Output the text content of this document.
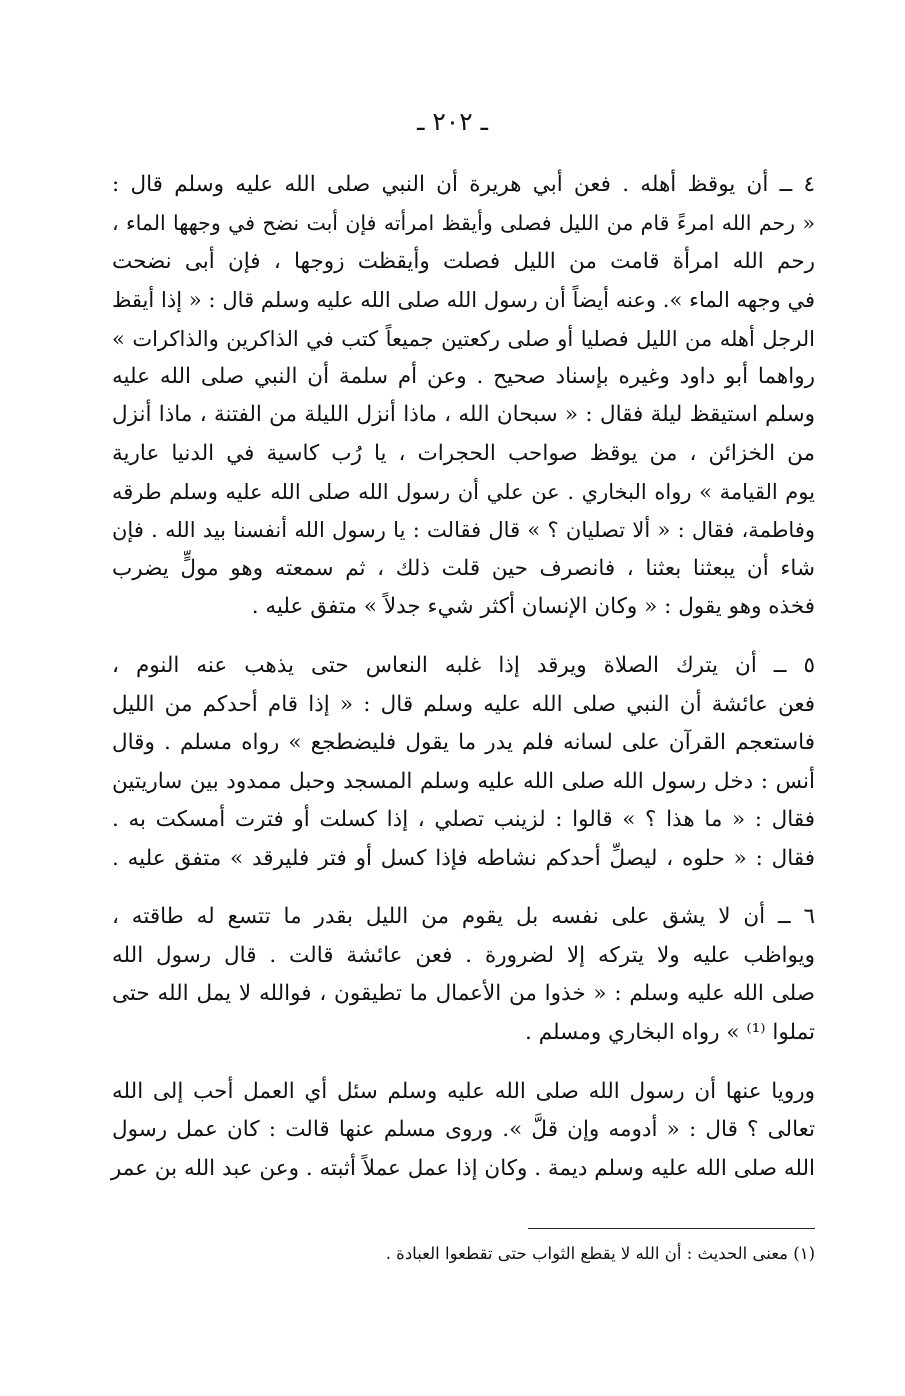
ـ ٢٠٢ ـ
٤ ــ أن يوقظ أهله . فعن أبي هريرة أن النبي صلى الله عليه وسلم قال :
« رحم الله امرءً قام من الليل فصلى وأيقظ امرأته فإن أبت نضح في وجهها الماء ،
رحم الله امرأة قامت من الليل فصلت وأيقظت زوجها ، فإن أبى نضحت
في وجهه الماء ». وعنه أيضاً أن رسول الله صلى الله عليه وسلم قال : « إذا أيقظ
الرجل أهله من الليل فصليا أو صلى ركعتين جميعاً كتب في الذاكرين والذاكرات »
رواهما أبو داود وغيره بإسناد صحيح . وعن أم سلمة أن النبي صلى الله عليه
وسلم استيقظ ليلة فقال : « سبحان الله ، ماذا أنزل الليلة من الفتنة ، ماذا أنزل
من الخزائن ، من يوقظ صواحب الحجرات ، يا رُب كاسية في الدنيا عارية
يوم القيامة » رواه البخاري . عن علي أن رسول الله صلى الله عليه وسلم طرقه
وفاطمة، فقال : « ألا تصليان ؟ » قال فقالت : يا رسول الله أنفسنا بيد الله . فإن
شاء أن يبعثنا بعثنا ، فانصرف حين قلت ذلك ، ثم سمعته وهو مولٍّ يضرب
فخذه وهو يقول : « وكان الإنسان أكثر شيء جدلاً » متفق عليه .
٥ ــ أن يترك الصلاة ويرقد إذا غلبه النعاس حتى يذهب عنه النوم ،
فعن عائشة أن النبي صلى الله عليه وسلم قال : « إذا قام أحدكم من الليل
فاستعجم القرآن على لسانه فلم يدر ما يقول فليضطجع » رواه مسلم . وقال
أنس : دخل رسول الله صلى الله عليه وسلم المسجد وحبل ممدود بين ساريتين
فقال : « ما هذا ؟ » قالوا : لزينب تصلي ، إذا كسلت أو فترت أمسكت به .
فقال : « حلوه ، ليصلِّ أحدكم نشاطه فإذا كسل أو فتر فليرقد » متفق عليه .
٦ ــ أن لا يشق على نفسه بل يقوم من الليل بقدر ما تتسع له طاقته ،
ويواظب عليه ولا يتركه إلا لضرورة . فعن عائشة قالت . قال رسول الله
صلى الله عليه وسلم : « خذوا من الأعمال ما تطيقون ، فوالله لا يمل الله حتى
تملوا ⁽¹⁾ » رواه البخاري ومسلم .
ورويا عنها أن رسول الله صلى الله عليه وسلم سئل أي العمل أحب إلى الله
تعالى ؟ قال : « أدومه وإن قلَّ ». وروى مسلم عنها قالت : كان عمل رسول
الله صلى الله عليه وسلم ديمة . وكان إذا عمل عملاً أثبته . وعن عبد الله بن عمر
(١) معنى الحديث : أن الله لا يقطع الثواب حتى تقطعوا العبادة .
